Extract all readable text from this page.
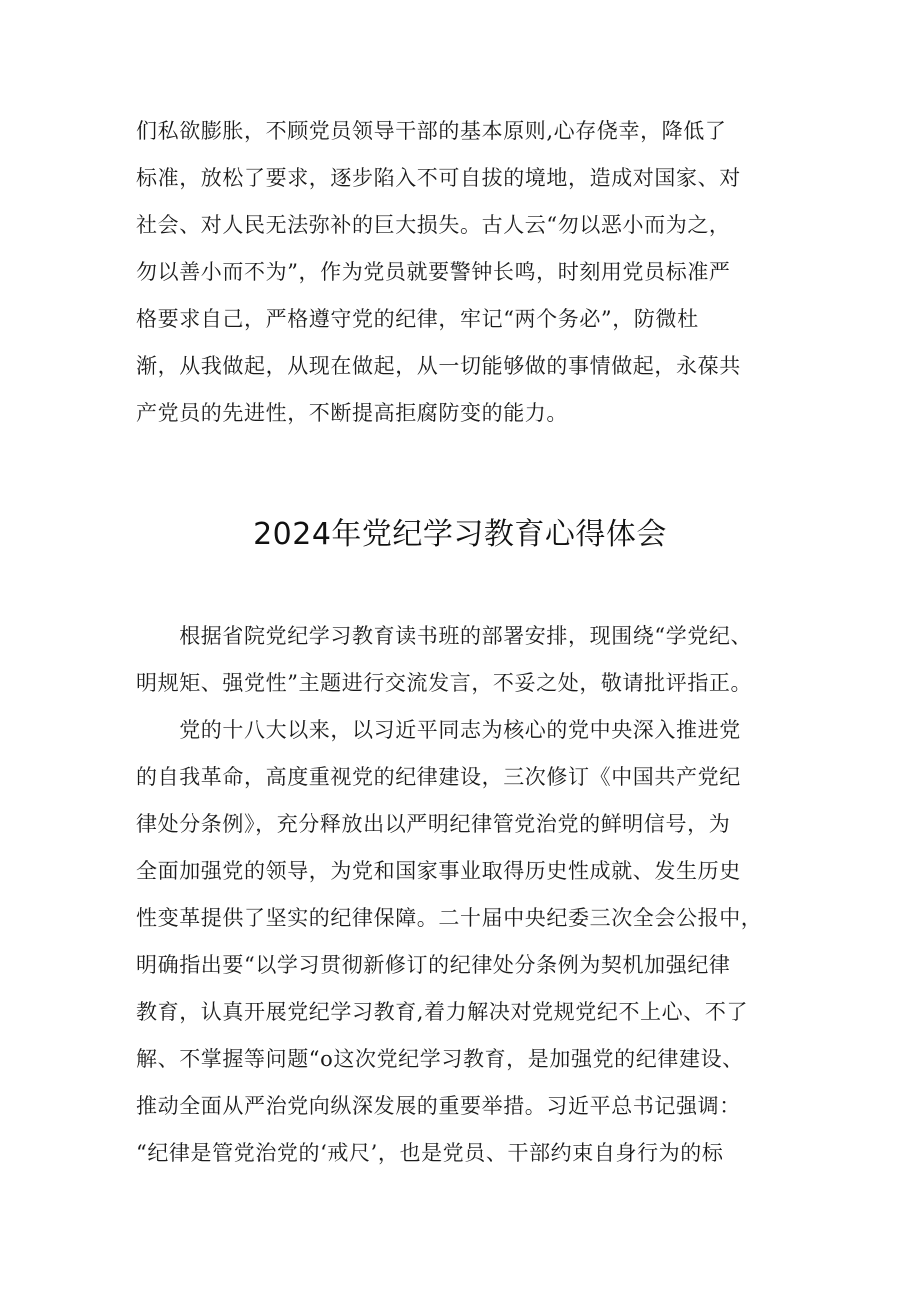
们私欲膨胀，不顾党员领导干部的基本原则,心存侥幸，降低了
标准，放松了要求，逐步陷入不可自拔的境地，造成对国家、对
社会、对人民无法弥补的巨大损失。古人云“勿以恶小而为之，
勿以善小而不为”，作为党员就要警钟长鸣，时刻用党员标准严
格要求自己，严格遵守党的纪律，牢记“两个务必”，防微杜
渐，从我做起，从现在做起，从一切能够做的事情做起，永葆共
产党员的先进性，不断提高拒腐防变的能力。
2024年党纪学习教育心得体会
　　根据省院党纪学习教育读书班的部署安排，现围绕“学党纪、
明规矩、强党性”主题进行交流发言，不妥之处，敬请批评指正。
　　党的十八大以来，以习近平同志为核心的党中央深入推进党
的自我革命，高度重视党的纪律建设，三次修订《中国共产党纪
律处分条例》，充分释放出以严明纪律管党治党的鲜明信号，为
全面加强党的领导，为党和国家事业取得历史性成就、发生历史
性变革提供了坚实的纪律保障。二十届中央纪委三次全会公报中，
明确指出要“以学习贯彻新修订的纪律处分条例为契机加强纪律
教育，认真开展党纪学习教育,着力解决对党规党纪不上心、不了
解、不掌握等问题“o这次党纪学习教育，是加强党的纪律建设、
推动全面从严治党向纵深发展的重要举措。习近平总书记强调：
“纪律是管党治党的‘戒尺’，也是党员、干部约束自身行为的标
